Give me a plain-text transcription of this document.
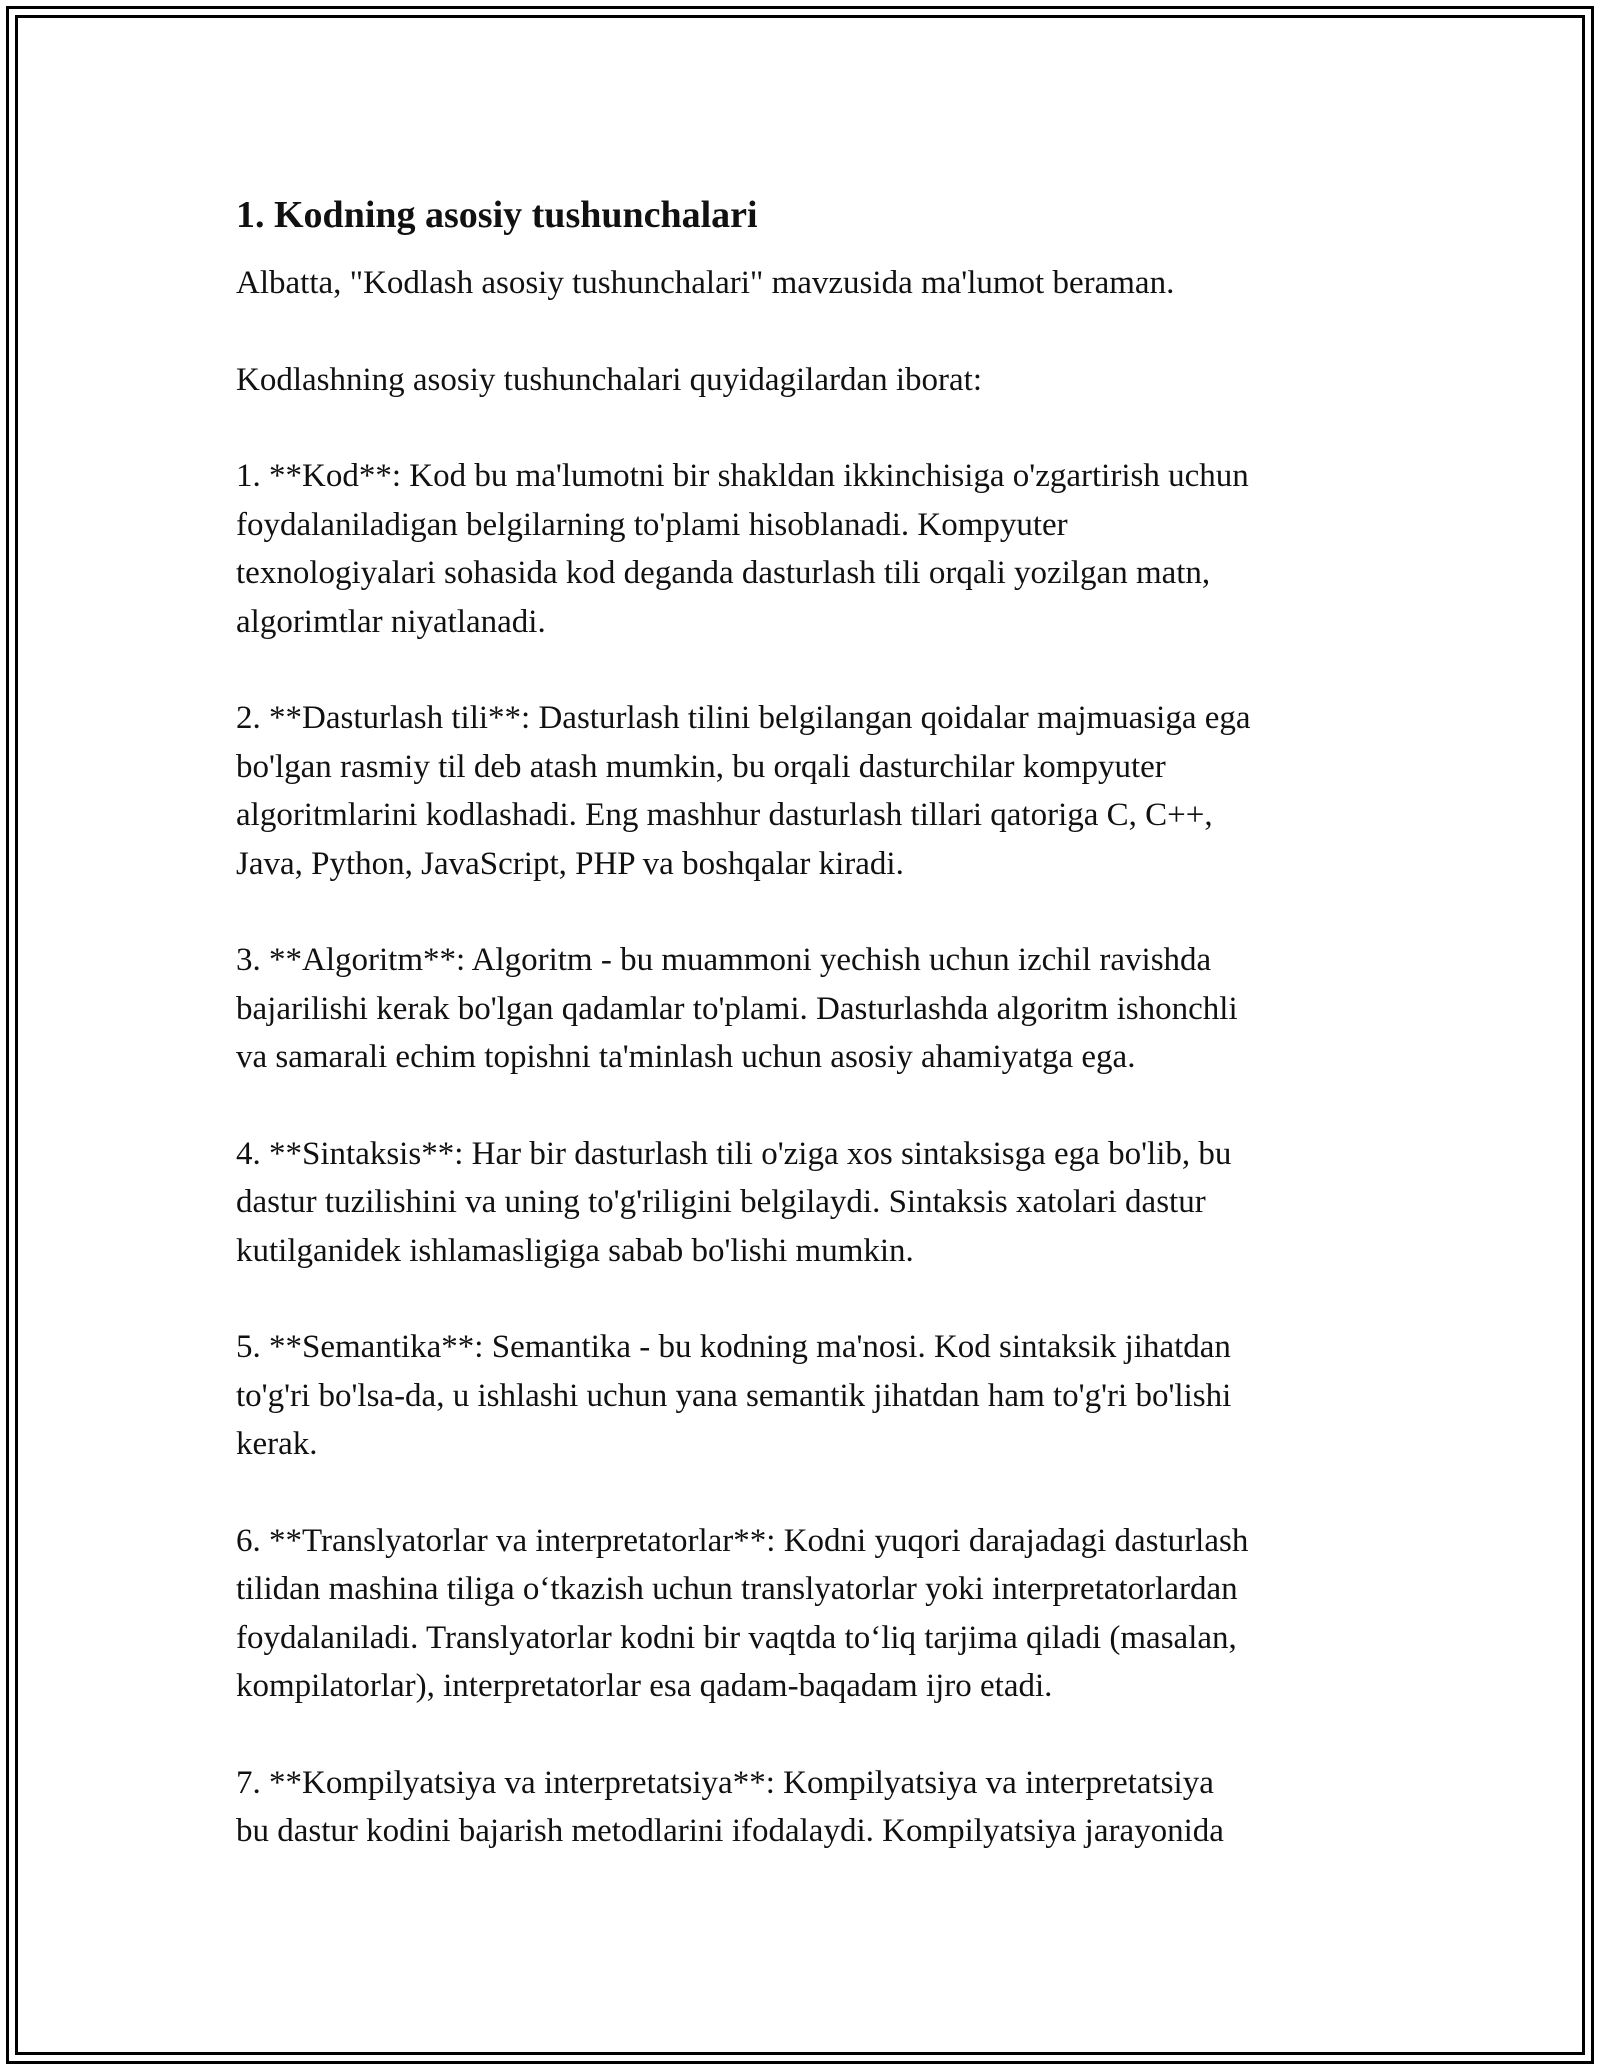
1. Kodning asosiy tushunchalari

Albatta, "Kodlash asosiy tushunchalari" mavzusida ma'lumot beraman.

Kodlashning asosiy tushunchalari quyidagilardan iborat:

1. **Kod**: Kod bu ma'lumotni bir shakldan ikkinchisiga o'zgartirish uchun
foydalaniladigan belgilarning to'plami hisoblanadi. Kompyuter
texnologiyalari sohasida kod deganda dasturlash tili orqali yozilgan matn,
algorimtlar niyatlanadi.

2. **Dasturlash tili**: Dasturlash tilini belgilangan qoidalar majmuasiga ega
bo'lgan rasmiy til deb atash mumkin, bu orqali dasturchilar kompyuter
algoritmlarini kodlashadi. Eng mashhur dasturlash tillari qatoriga C, C++,
Java, Python, JavaScript, PHP va boshqalar kiradi.

3. **Algoritm**: Algoritm - bu muammoni yechish uchun izchil ravishda
bajarilishi kerak bo'lgan qadamlar to'plami. Dasturlashda algoritm ishonchli
va samarali echim topishni ta'minlash uchun asosiy ahamiyatga ega.

4. **Sintaksis**: Har bir dasturlash tili o'ziga xos sintaksisga ega bo'lib, bu
dastur tuzilishini va uning to'g'riligini belgilaydi. Sintaksis xatolari dastur
kutilganidek ishlamasligiga sabab bo'lishi mumkin.

5. **Semantika**: Semantika - bu kodning ma'nosi. Kod sintaksik jihatdan
to'g'ri bo'lsa-da, u ishlashi uchun yana semantik jihatdan ham to'g'ri bo'lishi
kerak.

6. **Translyatorlar va interpretatorlar**: Kodni yuqori darajadagi dasturlash
tilidan mashina tiliga o‘tkazish uchun translyatorlar yoki interpretatorlardan
foydalaniladi. Translyatorlar kodni bir vaqtda to‘liq tarjima qiladi (masalan,
kompilatorlar), interpretatorlar esa qadam-baqadam ijro etadi.

7. **Kompilyatsiya va interpretatsiya**: Kompilyatsiya va interpretatsiya
bu dastur kodini bajarish metodlarini ifodalaydi. Kompilyatsiya jarayonida
